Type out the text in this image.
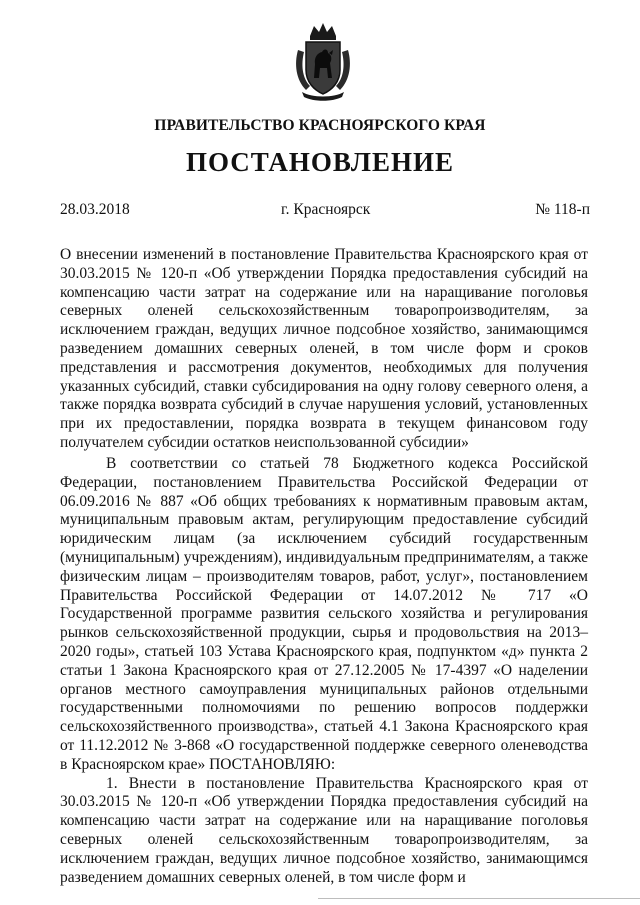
ПРАВИТЕЛЬСТВО КРАСНОЯРСКОГО КРАЯ
ПОСТАНОВЛЕНИЕ
28.03.2018	г. Красноярск	№ 118-п
О внесении изменений в постановление Правительства Красноярского края от 30.03.2015 № 120-п «Об утверждении Порядка предоставления субсидий на компенсацию части затрат на содержание или на наращивание поголовья северных оленей сельскохозяйственным товаропроизводителям, за исключением граждан, ведущих личное подсобное хозяйство, занимающимся разведением домашних северных оленей, в том числе форм и сроков представления и рассмотрения документов, необходимых для получения указанных субсидий, ставки субсидирования на одну голову северного оленя, а также порядка возврата субсидий в случае нарушения условий, установленных при их предоставлении, порядка возврата в текущем финансовом году получателем субсидии остатков неиспользованной субсидии»

В соответствии со статьей 78 Бюджетного кодекса Российской Федерации, постановлением Правительства Российской Федерации от 06.09.2016 № 887 «Об общих требованиях к нормативным правовым актам, муниципальным правовым актам, регулирующим предоставление субсидий юридическим лицам (за исключением субсидий государственным (муниципальным) учреждениям), индивидуальным предпринимателям, а также физическим лицам – производителям товаров, работ, услуг», постановлением Правительства Российской Федерации от 14.07.2012 № 717 «О Государственной программе развития сельского хозяйства и регулирования рынков сельскохозяйственной продукции, сырья и продовольствия на 2013–2020 годы», статьей 103 Устава Красноярского края, подпунктом «д» пункта 2 статьи 1 Закона Красноярского края от 27.12.2005 № 17-4397 «О наделении органов местного самоуправления муниципальных районов отдельными государственными полномочиями по решению вопросов поддержки сельскохозяйственного производства», статьей 4.1 Закона Красноярского края от 11.12.2012 № 3-868 «О государственной поддержке северного оленеводства в Красноярском крае» ПОСТАНОВЛЯЮ:

1. Внести в постановление Правительства Красноярского края от 30.03.2015 № 120-п «Об утверждении Порядка предоставления субсидий на компенсацию части затрат на содержание или на наращивание поголовья северных оленей сельскохозяйственным товаропроизводителям, за исключением граждан, ведущих личное подсобное хозяйство, занимающимся разведением домашних северных оленей, в том числе форм и
